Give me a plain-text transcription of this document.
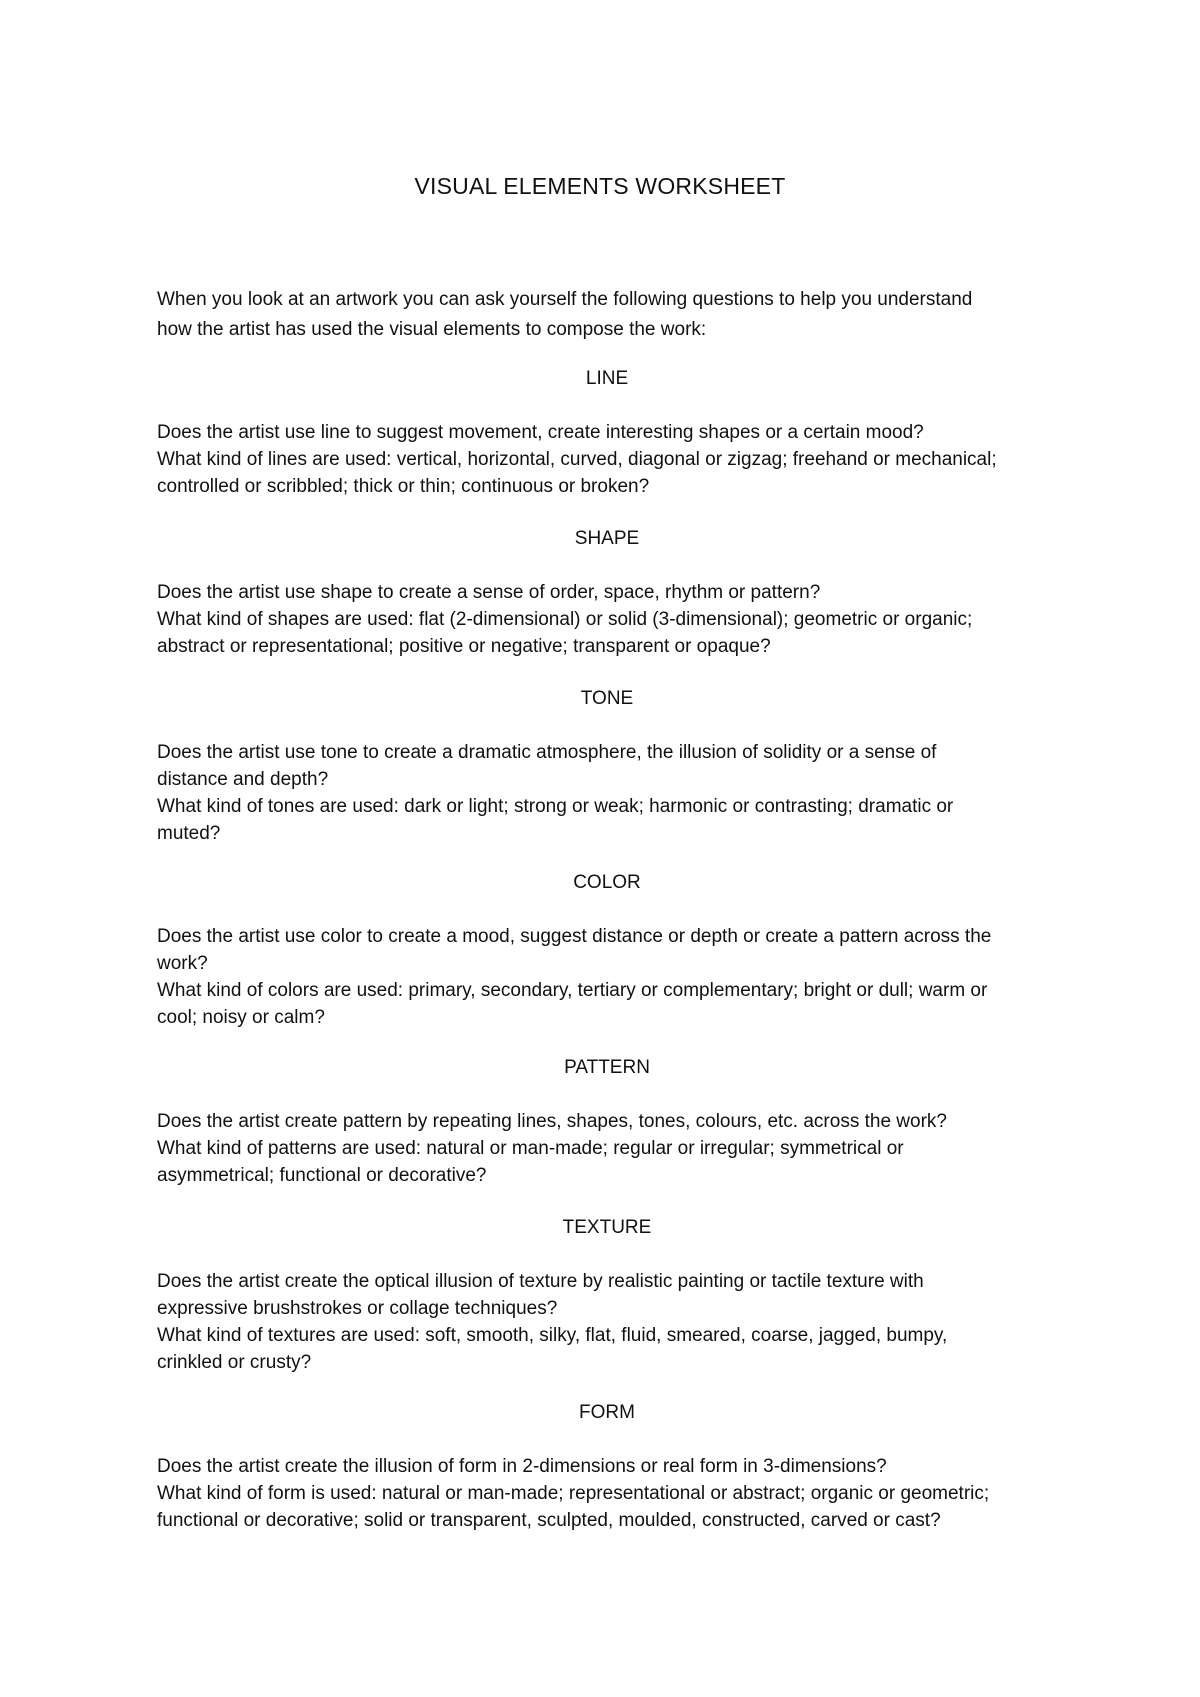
VISUAL ELEMENTS WORKSHEET
When you look at an artwork you can ask yourself the following questions to help you understand
how the artist has used the visual elements to compose the work:
LINE
Does the artist use line to suggest movement, create interesting shapes or a certain mood?
What kind of lines are used: vertical, horizontal, curved, diagonal or zigzag; freehand or mechanical;
controlled or scribbled; thick or thin; continuous or broken?
SHAPE
Does the artist use shape to create a sense of order, space, rhythm or pattern?
What kind of shapes are used: flat (2-dimensional) or solid (3-dimensional); geometric or organic;
abstract or representational; positive or negative; transparent or opaque?
TONE
Does the artist use tone to create a dramatic atmosphere, the illusion of solidity or a sense of
distance and depth?
What kind of tones are used: dark or light; strong or weak; harmonic or contrasting; dramatic or
muted?
COLOR
Does the artist use color to create a mood, suggest distance or depth or create a pattern across the
work?
What kind of colors are used: primary, secondary, tertiary or complementary; bright or dull; warm or
cool; noisy or calm?
PATTERN
Does the artist create pattern by repeating lines, shapes, tones, colours, etc. across the work?
What kind of patterns are used: natural or man-made; regular or irregular; symmetrical or
asymmetrical; functional or decorative?
TEXTURE
Does the artist create the optical illusion of texture by realistic painting or tactile texture with
expressive brushstrokes or collage techniques?
What kind of textures are used: soft, smooth, silky, flat, fluid, smeared, coarse, jagged, bumpy,
crinkled or crusty?
FORM
Does the artist create the illusion of form in 2-dimensions or real form in 3-dimensions?
What kind of form is used: natural or man-made; representational or abstract; organic or geometric;
functional or decorative; solid or transparent, sculpted, moulded, constructed, carved or cast?
